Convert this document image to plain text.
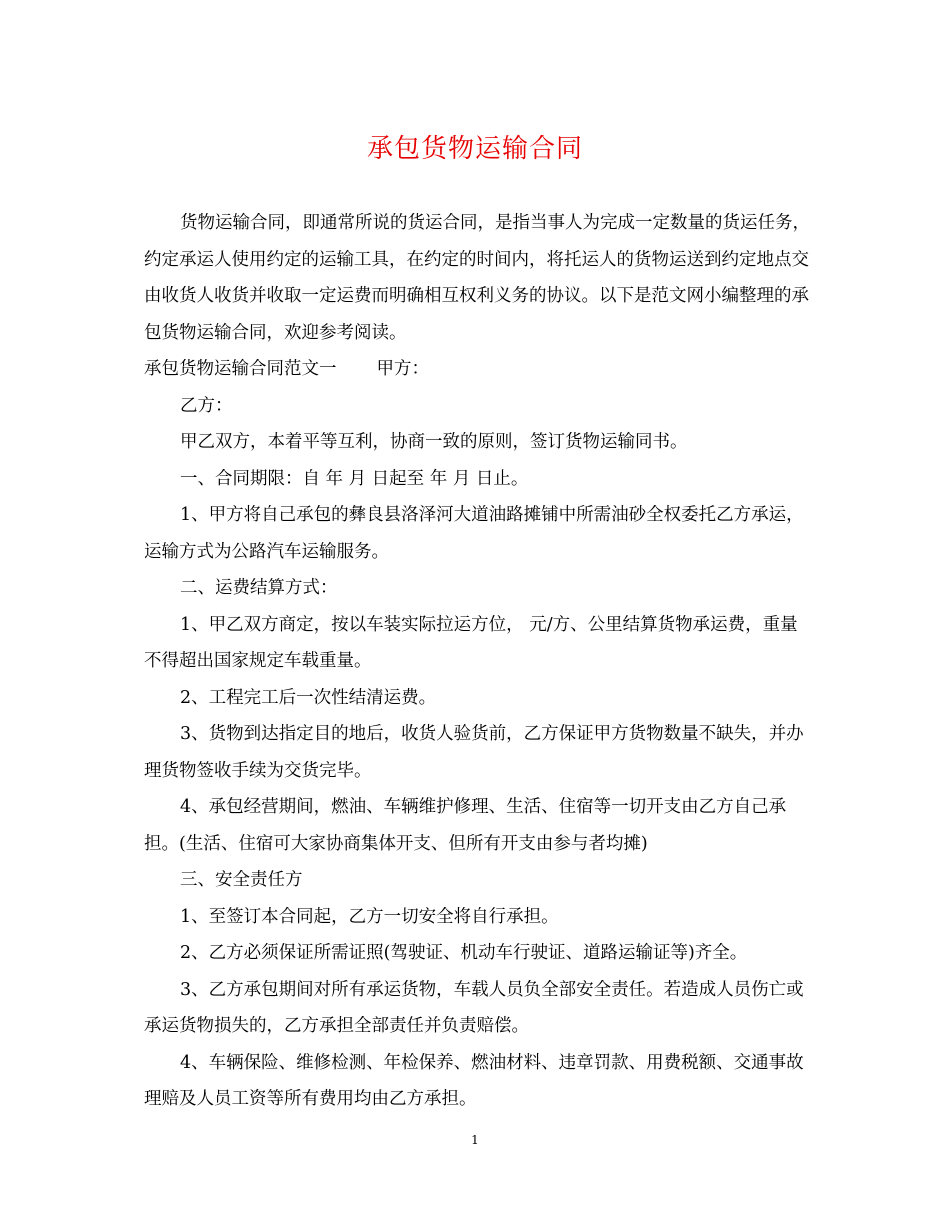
承包货物运输合同

货物运输合同，即通常所说的货运合同，是指当事人为完成一定数量的货运任务，约定承运人使用约定的运输工具，在约定的时间内，将托运人的货物运送到约定地点交由收货人收货并收取一定运费而明确相互权利义务的协议。以下是范文网小编整理的承包货物运输合同，欢迎参考阅读。

承包货物运输合同范文一 甲方：

乙方：

甲乙双方，本着平等互利，协商一致的原则，签订货物运输同书。

一、合同期限：自 年 月 日起至 年 月 日止。

1、甲方将自己承包的彝良县洛泽河大道油路摊铺中所需油砂全权委托乙方承运，运输方式为公路汽车运输服务。

二、运费结算方式：

1、甲乙双方商定，按以车装实际拉运方位， 元/方、公里结算货物承运费，重量不得超出国家规定车载重量。

2、工程完工后一次性结清运费。

3、货物到达指定目的地后，收货人验货前，乙方保证甲方货物数量不缺失，并办理货物签收手续为交货完毕。

4、承包经营期间，燃油、车辆维护修理、生活、住宿等一切开支由乙方自己承担。(生活、住宿可大家协商集体开支、但所有开支由参与者均摊)

三、安全责任方

1、至签订本合同起，乙方一切安全将自行承担。

2、乙方必须保证所需证照(驾驶证、机动车行驶证、道路运输证等)齐全。

3、乙方承包期间对所有承运货物，车载人员负全部安全责任。若造成人员伤亡或承运货物损失的，乙方承担全部责任并负责赔偿。

4、车辆保险、维修检测、年检保养、燃油材料、违章罚款、用费税额、交通事故理赔及人员工资等所有费用均由乙方承担。

1
